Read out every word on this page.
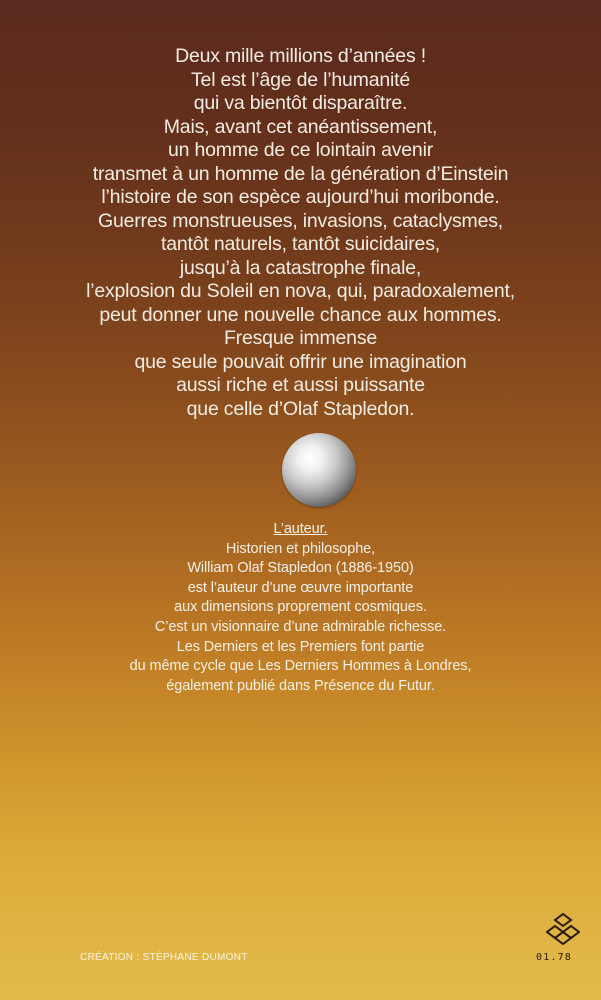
Deux mille millions d’années !
Tel est l’âge de l’humanité
qui va bientôt disparaître.
Mais, avant cet anéantissement,
un homme de ce lointain avenir
transmet à un homme de la génération d’Einstein
l’histoire de son espèce aujourd’hui moribonde.
Guerres monstrueuses, invasions, cataclysmes,
tantôt naturels, tantôt suicidaires,
jusqu’à la catastrophe finale,
l’explosion du Soleil en nova, qui, paradoxalement,
peut donner une nouvelle chance aux hommes.
Fresque immense
que seule pouvait offrir une imagination
aussi riche et aussi puissante
que celle d’Olaf Stapledon.
L’auteur.
Historien et philosophe,
William Olaf Stapledon (1886-1950)
est l’auteur d’une œuvre importante
aux dimensions proprement cosmiques.
C’est un visionnaire d’une admirable richesse.
Les Derniers et les Premiers font partie
du même cycle que Les Derniers Hommes à Londres,
également publié dans Présence du Futur.
CRÉATION : STÉPHANE DUMONT	01.78
